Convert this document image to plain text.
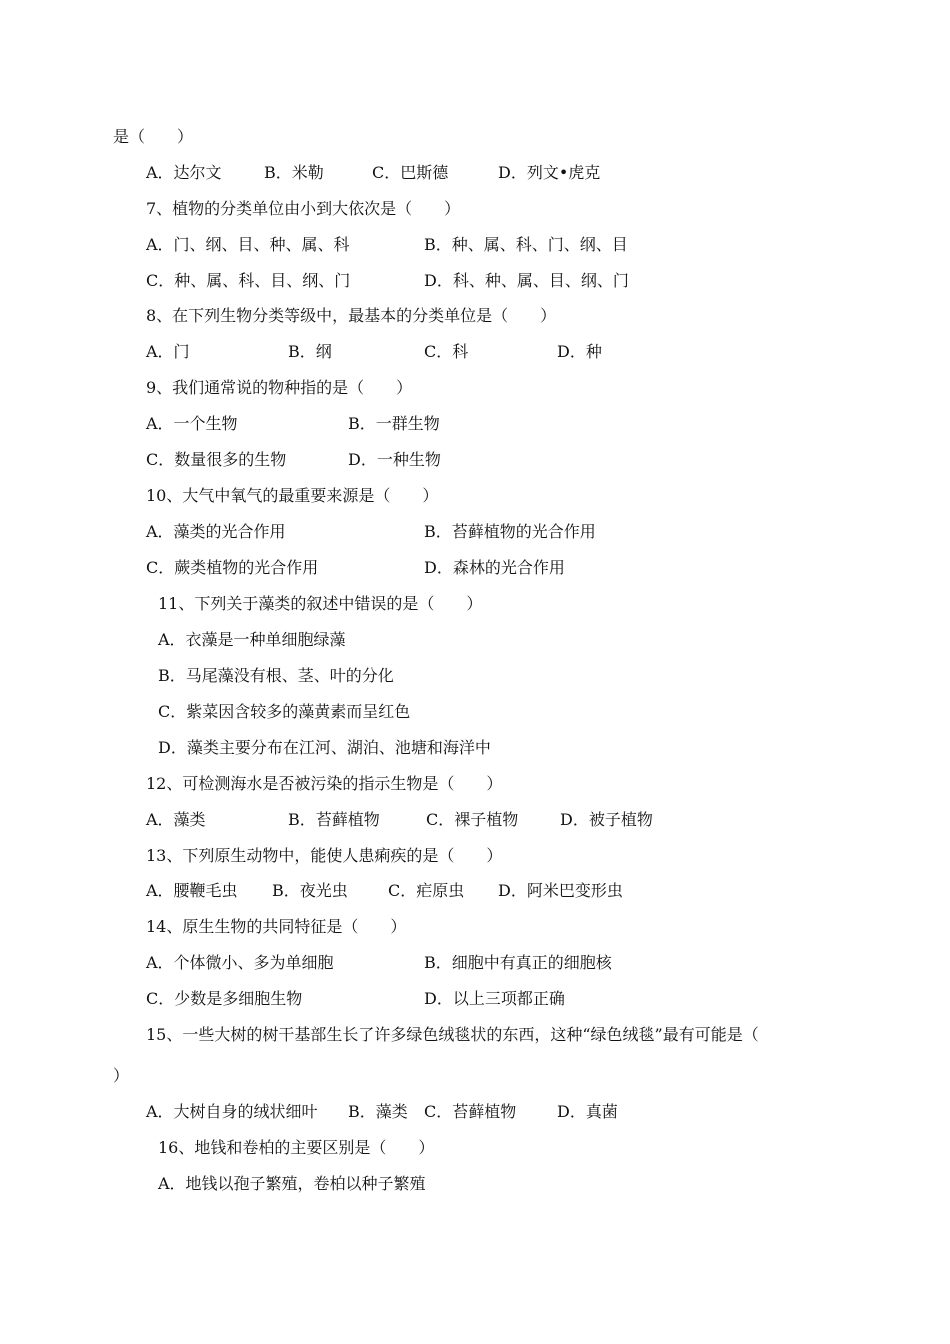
是（　　）
A．达尔文	B．米勒	C．巴斯德	D．列文•虎克
7、植物的分类单位由小到大依次是（　　）
A．门、纲、目、种、属、科	B．种、属、科、门、纲、目
C．种、属、科、目、纲、门	D．科、种、属、目、纲、门
8、在下列生物分类等级中，最基本的分类单位是（　　）
A．门	B．纲	C．科	D．种
9、我们通常说的物种指的是（　　）
A．一个生物	B．一群生物
C．数量很多的生物	D．一种生物
10、大气中氧气的最重要来源是（　　）
A．藻类的光合作用	B．苔藓植物的光合作用
C．蕨类植物的光合作用	D．森林的光合作用
11、下列关于藻类的叙述中错误的是（　　）
A．衣藻是一种单细胞绿藻
B．马尾藻没有根、茎、叶的分化
C．紫菜因含较多的藻黄素而呈红色
D．藻类主要分布在江河、湖泊、池塘和海洋中
12、可检测海水是否被污染的指示生物是（　　）
A．藻类	B．苔藓植物	C．裸子植物	D．被子植物
13、下列原生动物中，能使人患痢疾的是（　　）
A．腰鞭毛虫 B．夜光虫	C．疟原虫 D．阿米巴变形虫
14、原生生物的共同特征是（　　）
A．个体微小、多为单细胞	B．细胞中有真正的细胞核
C．少数是多细胞生物	D．以上三项都正确
15、一些大树的树干基部生长了许多绿色绒毯状的东西，这种“绿色绒毯”最有可能是（
）
A．大树自身的绒状细叶 B．藻类 C．苔藓植物	D．真菌
16、地钱和卷柏的主要区别是（　　）
A．地钱以孢子繁殖，卷柏以种子繁殖
